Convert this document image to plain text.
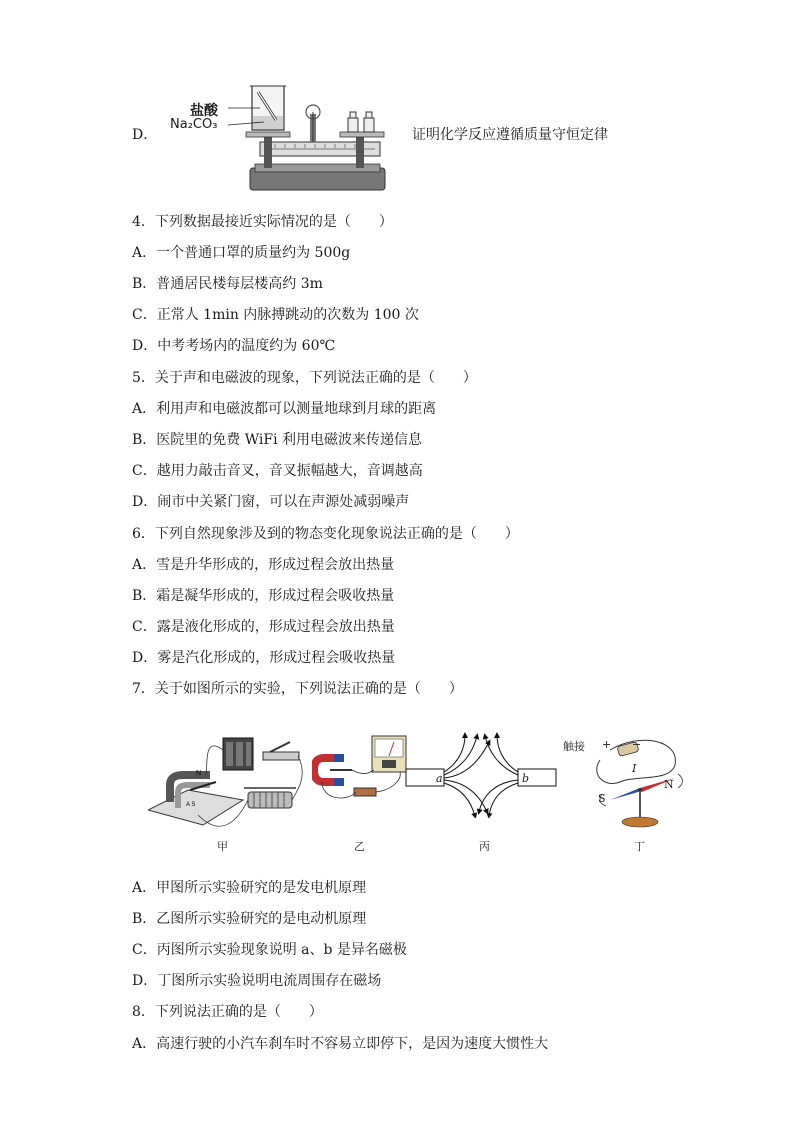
D．
盐酸
Na₂CO₃
证明化学反应遵循质量守恒定律
4．下列数据最接近实际情况的是（　　）
A．一个普通口罩的质量约为 500g
B．普通居民楼每层楼高约 3m
C．正常人 1min 内脉搏跳动的次数为 100 次
D．中考考场内的温度约为 60℃
5．关于声和电磁波的现象，下列说法正确的是（　　）
A．利用声和电磁波都可以测量地球到月球的距离
B．医院里的免费 WiFi 利用电磁波来传递信息
C．越用力敲击音叉，音叉振幅越大，音调越高
D．闹市中关紧门窗，可以在声源处减弱噪声
6．下列自然现象涉及到的物态变化现象说法正确的是（　　）
A．雪是升华形成的，形成过程会放出热量
B．霜是凝华形成的，形成过程会吸收热量
C．露是液化形成的，形成过程会放出热量
D．雾是汽化形成的，形成过程会吸收热量
7．关于如图所示的实验，下列说法正确的是（　　）
N
A S
甲	乙
a	b
丙
触接 + −
I
N
S
丁
A．甲图所示实验研究的是发电机原理
B．乙图所示实验研究的是电动机原理
C．丙图所示实验现象说明 a、b 是异名磁极
D．丁图所示实验说明电流周围存在磁场
8．下列说法正确的是（　　）
A．高速行驶的小汽车刹车时不容易立即停下，是因为速度大惯性大
